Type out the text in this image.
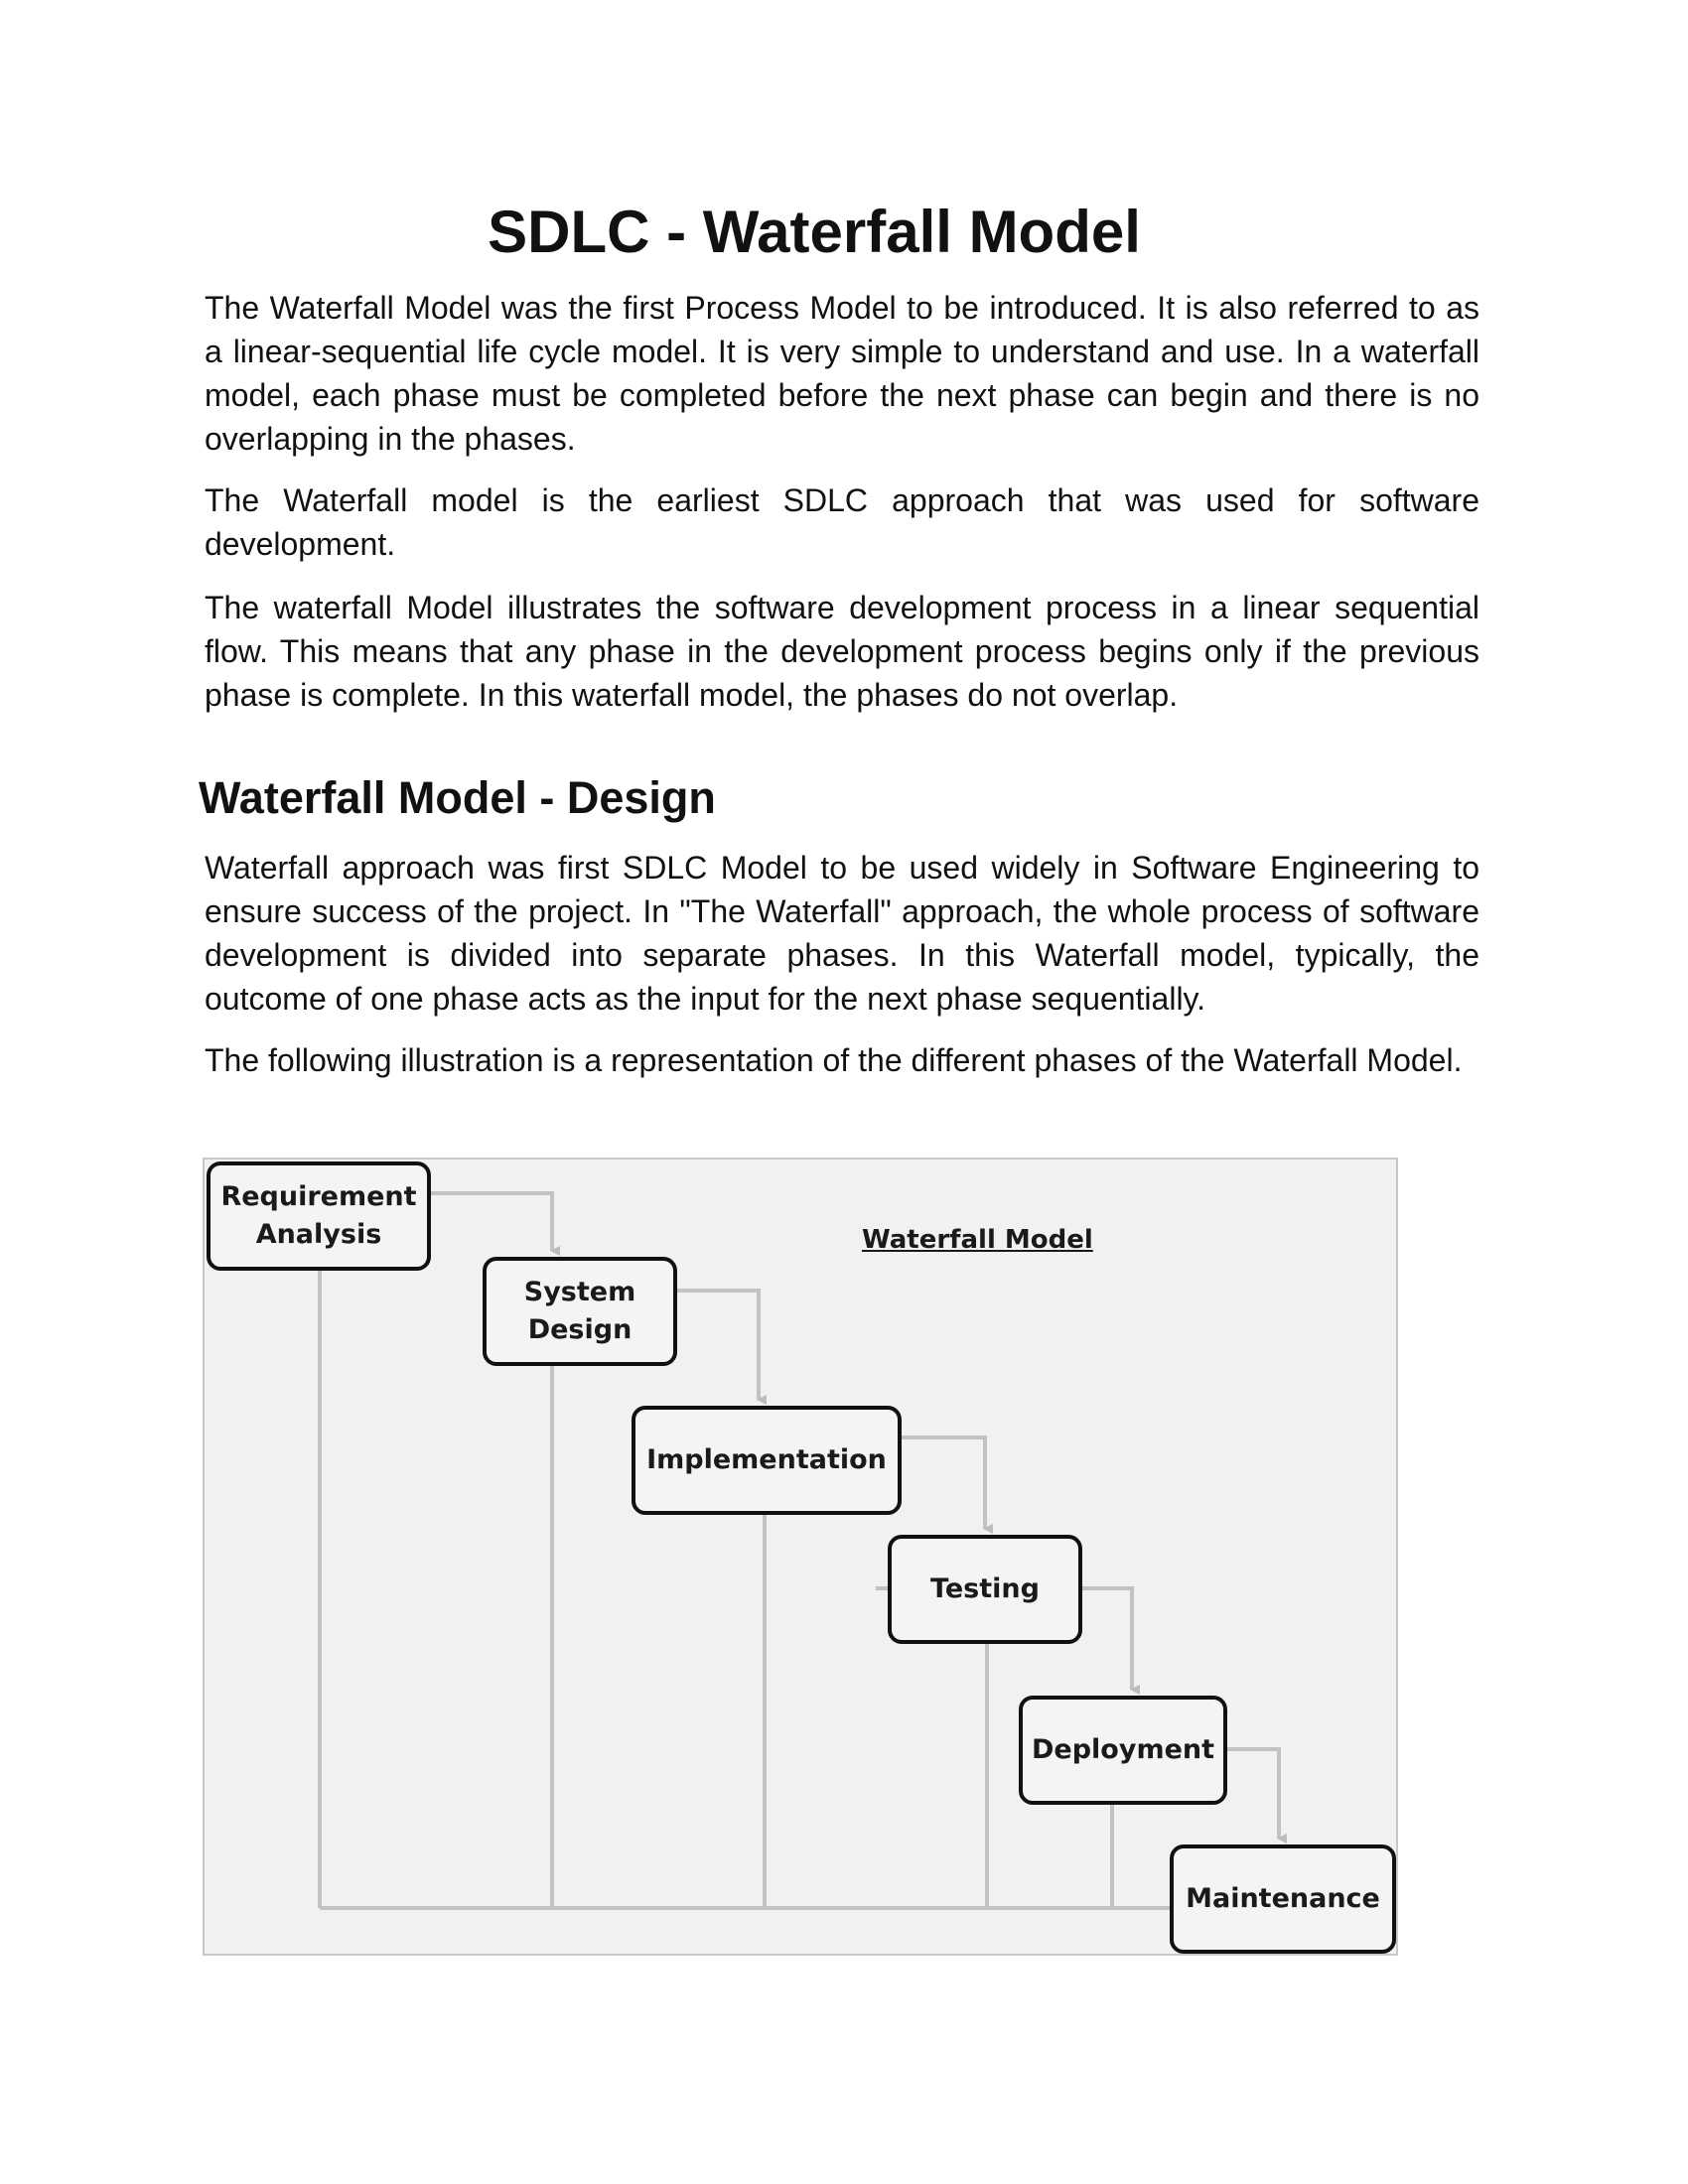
SDLC - Waterfall Model

The Waterfall Model was the first Process Model to be introduced. It is also referred to as a linear-sequential life cycle model. It is very simple to understand and use. In a waterfall model, each phase must be completed before the next phase can begin and there is no overlapping in the phases.

The Waterfall model is the earliest SDLC approach that was used for software development.

The waterfall Model illustrates the software development process in a linear sequential flow. This means that any phase in the development process begins only if the previous phase is complete. In this waterfall model, the phases do not overlap.

Waterfall Model - Design

Waterfall approach was first SDLC Model to be used widely in Software Engineering to ensure success of the project. In "The Waterfall" approach, the whole process of software development is divided into separate phases. In this Waterfall model, typically, the outcome of one phase acts as the input for the next phase sequentially.

The following illustration is a representation of the different phases of the Waterfall Model.

Waterfall Model
Requirement
Analysis
System
Design
Implementation
Testing
Deployment
Maintenance
